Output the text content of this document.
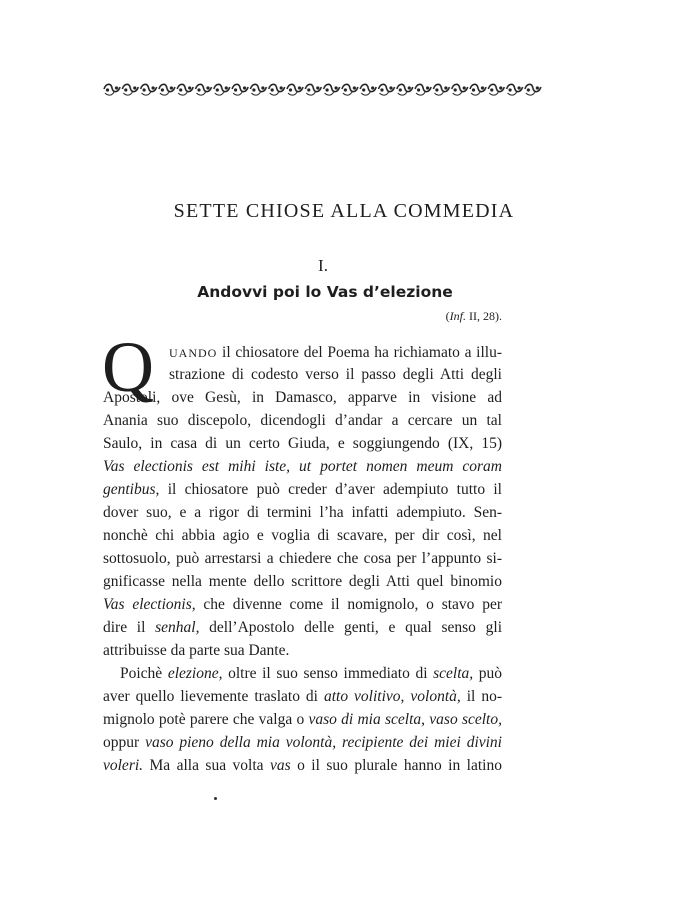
SETTE CHIOSE ALLA COMMEDIA
I.
Andovvi poi lo Vas d’elezione
(Inf. II, 28).
Q UANDO il chiosatore del Poema ha richiamato a illu-
strazione di codesto verso il passo degli Atti degli
Apostoli, ove Gesù, in Damasco, apparve in visione ad
Anania suo discepolo, dicendogli d’andar a cercare un tal
Saulo, in casa di un certo Giuda, e soggiungendo (IX, 15)
Vas electionis est mihi iste, ut portet nomen meum coram
gentibus, il chiosatore può creder d’aver adempiuto tutto il
dover suo, e a rigor di termini l’ha infatti adempiuto. Sen-
nonchè chi abbia agio e voglia di scavare, per dir così, nel
sottosuolo, può arrestarsi a chiedere che cosa per l’appunto si-
gnificasse nella mente dello scrittore degli Atti quel binomio
Vas electionis, che divenne come il nomignolo, o stavo per
dire il senhal, dell’Apostolo delle genti, e qual senso gli
attribuisse da parte sua Dante.
Poichè elezione, oltre il suo senso immediato di scelta, può
aver quello lievemente traslato di atto volitivo, volontà, il no-
mignolo potè parere che valga o vaso di mia scelta, vaso scelto,
oppur vaso pieno della mia volontà, recipiente dei miei divini
voleri. Ma alla sua volta vas o il suo plurale hanno in latino
